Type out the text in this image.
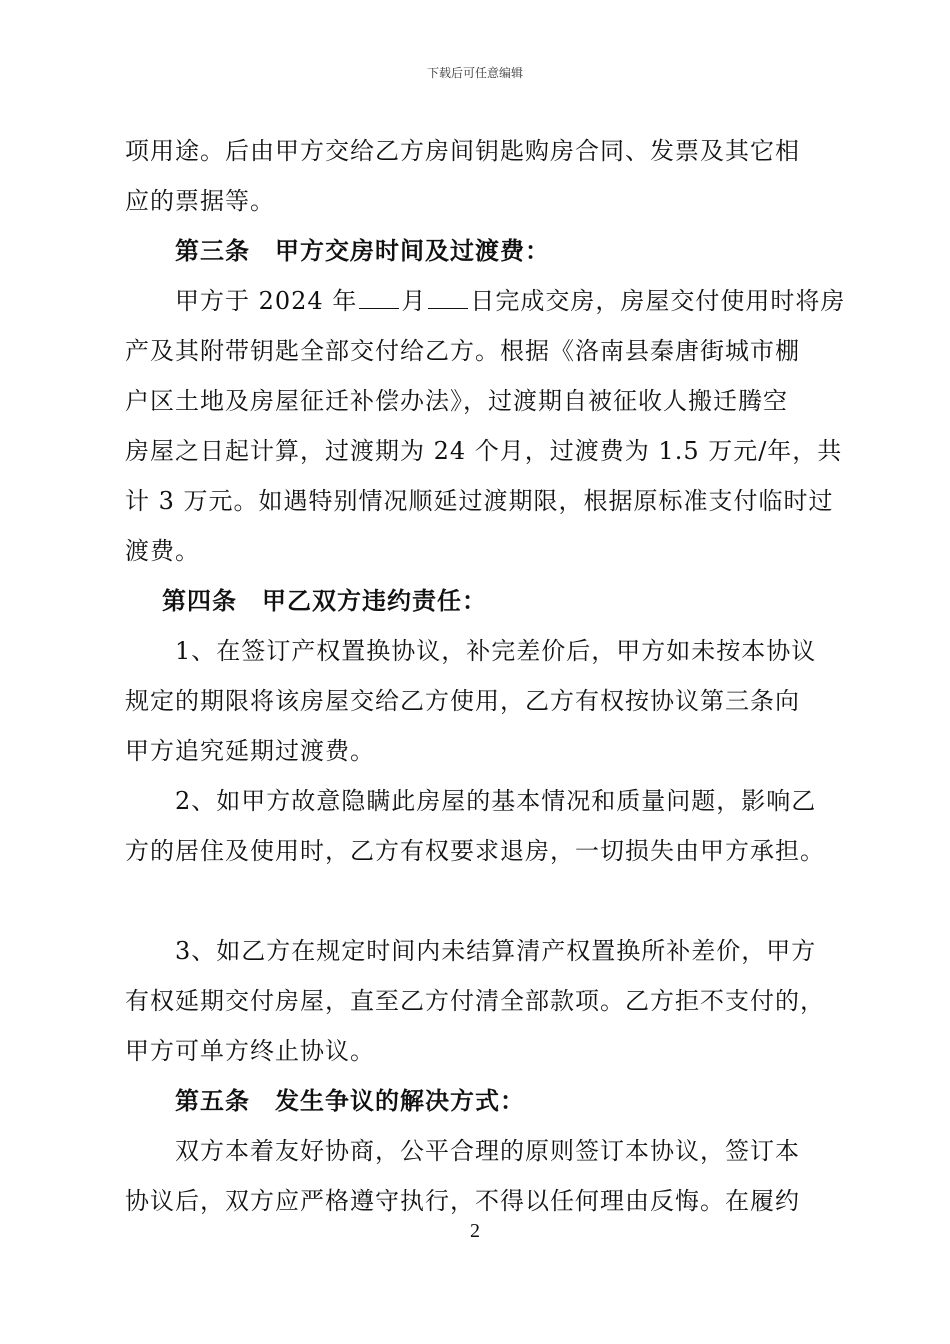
下载后可任意编辑
项用途。后由甲方交给乙方房间钥匙购房合同、发票及其它相
应的票据等。
第三条　甲方交房时间及过渡费：
甲方于 2024 年 月 日完成交房，房屋交付使用时将房
产及其附带钥匙全部交付给乙方。根据《洛南县秦唐街城市棚
户区土地及房屋征迁补偿办法》，过渡期自被征收人搬迁腾空
房屋之日起计算，过渡期为 24 个月，过渡费为 1.5 万元/年，共
计 3 万元。如遇特别情况顺延过渡期限，根据原标准支付临时过
渡费。
第四条　甲乙双方违约责任：
1、在签订产权置换协议，补完差价后，甲方如未按本协议
规定的期限将该房屋交给乙方使用，乙方有权按协议第三条向
甲方追究延期过渡费。
2、如甲方故意隐瞒此房屋的基本情况和质量问题，影响乙
方的居住及使用时，乙方有权要求退房，一切损失由甲方承担。
3、如乙方在规定时间内未结算清产权置换所补差价，甲方
有权延期交付房屋，直至乙方付清全部款项。乙方拒不支付的，
甲方可单方终止协议。
第五条　发生争议的解决方式：
双方本着友好协商，公平合理的原则签订本协议，签订本
协议后，双方应严格遵守执行，不得以任何理由反悔。在履约
2
